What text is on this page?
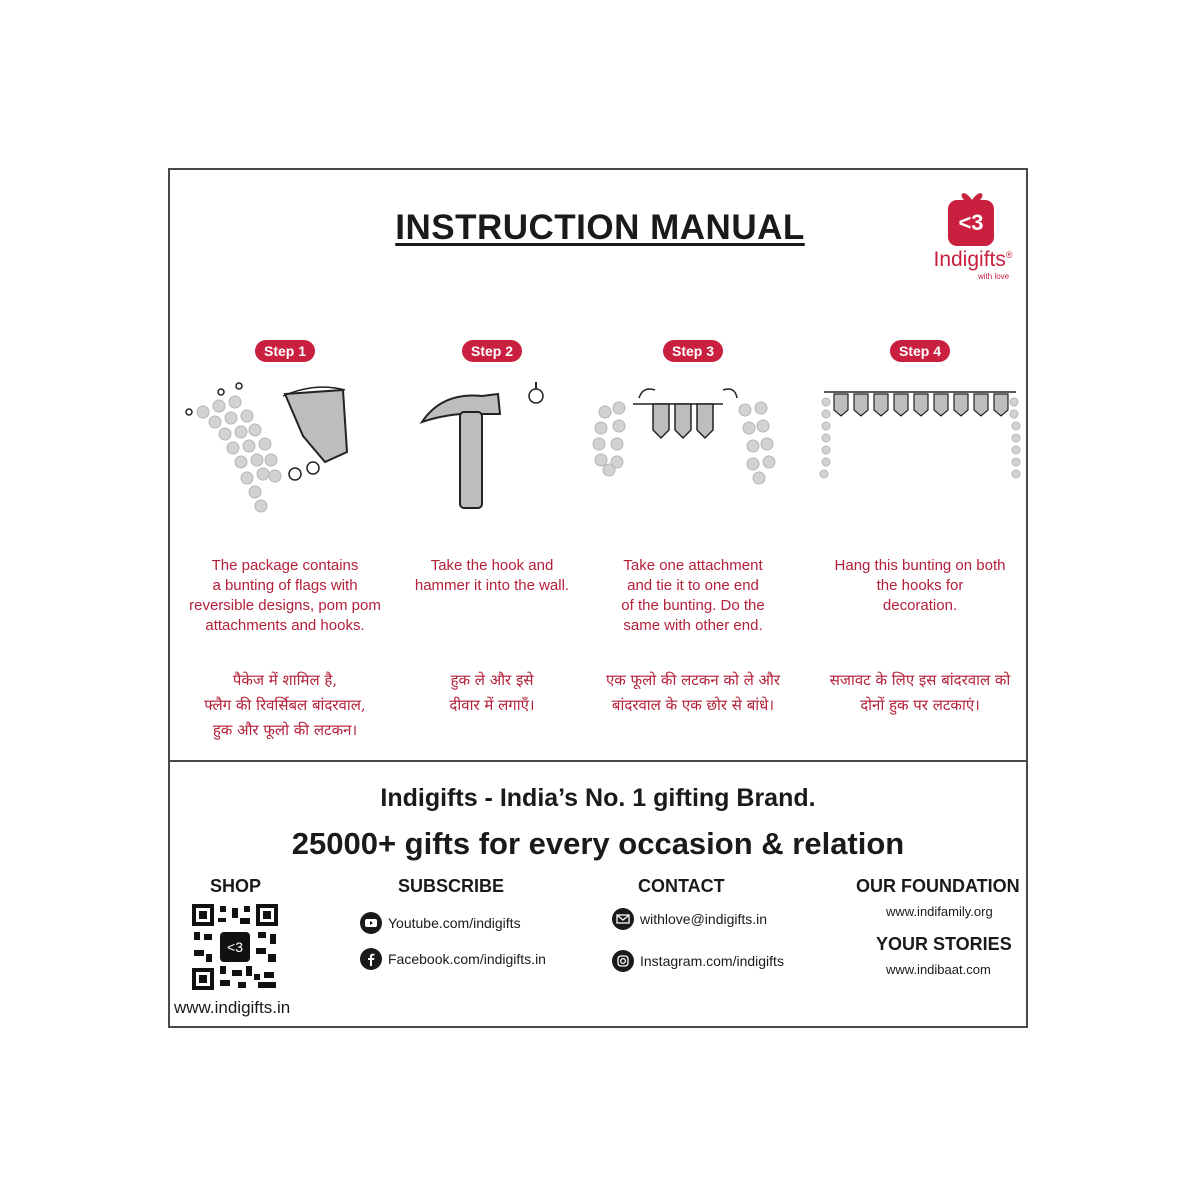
INSTRUCTION MANUAL	<3
Indigifts®
with love
Step 1
The package contains
a bunting of flags with
reversible designs, pom pom
attachments and hooks.
पैकेज में शामिल है,
फ्लैग की रिवर्सिबल बांदरवाल,
हुक और फूलो की लटकन।
Step 2
Take the hook and
hammer it into the wall.
हुक ले और इसे
दीवार में लगाएँ।
Step 3
Take one attachment
and tie it to one end
of the bunting. Do the
same with other end.
एक फूलो की लटकन को ले और
बांदरवाल के एक छोर से बांधे।
Step 4
Hang this bunting on both
the hooks for
decoration.
सजावट के लिए इस बांदरवाल को
दोनों हुक पर लटकाएं।
Indigifts - India’s No. 1 gifting Brand.
25000+ gifts for every occasion & relation
SHOP
<3
www.indigifts.in
SUBSCRIBE
Youtube.com/indigifts
Facebook.com/indigifts.in
CONTACT
withlove@indigifts.in
Instagram.com/indigifts
OUR FOUNDATION
www.indifamily.org
YOUR STORIES
www.indibaat.com
